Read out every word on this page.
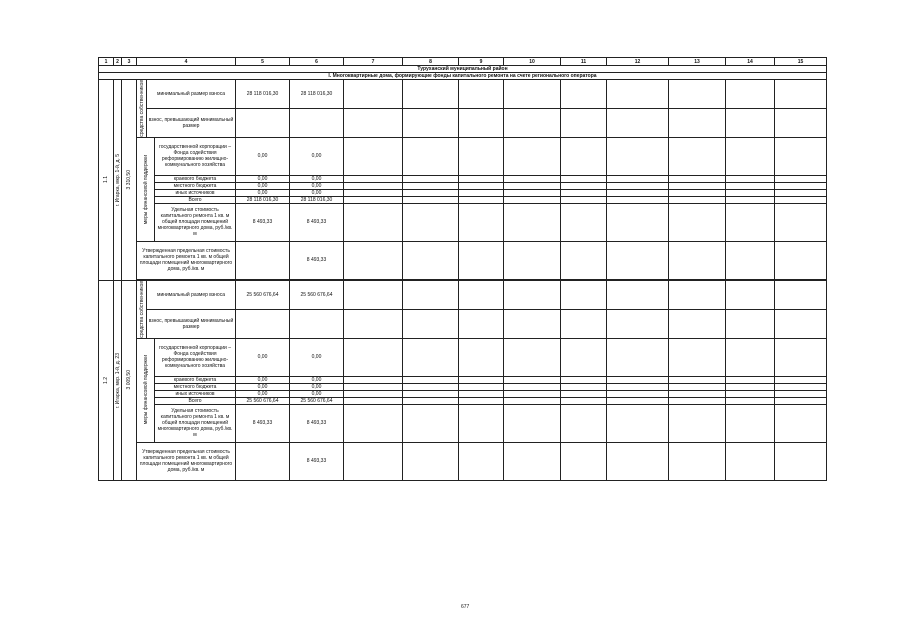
1	2	3	4			5	6	7	8	9	10	11	12	13	14	15
Туруханский муниципальный район																
I. Многоквартирные дома, формирующие фонды капитального ремонта на счете регионального оператора																

1.1	г. Игарка, мкр. 1-й, д. 5	3 310,50	средства собственников	минимальный размер взноса		28 118 016,30	28 118 016,30									
				взнос, превышающий минимальный размер												

			меры финансовой поддержки		государственной корпорации – Фонда содействия реформированию жилищно-коммунального хозяйства	0,00	0,00									
					краевого бюджета	0,00	0,00									
					местного бюджета	0,00	0,00									
					иных источников	0,00	0,00									
					Всего	28 118 016,30	28 118 016,30									
					Удельная стоимость капитального ремонта 1 кв. м общей площади помещений многоквартирного дома, руб./кв. м	8 493,33	8 493,33									
			Утвержденная предельная стоимость капитального ремонта 1 кв. м общей площади помещений многоквартирного дома, руб./кв. м				8 493,33									

1.2	г. Игарка, мкр. 1-й, д. 23	3 009,50	средства собственников	минимальный размер взноса		25 560 676,64	25 560 676,64									
				взнос, превышающий минимальный размер												

			меры финансовой поддержки		государственной корпорации – Фонда содействия реформированию жилищно-коммунального хозяйства	0,00	0,00									
					краевого бюджета	0,00	0,00									
					местного бюджета	0,00	0,00									
					иных источников	0,00	0,00									
					Всего	25 560 676,64	25 560 676,64									
					Удельная стоимость капитального ремонта 1 кв. м общей площади помещений многоквартирного дома, руб./кв. м	8 493,33	8 493,33									
			Утвержденная предельная стоимость капитального ремонта 1 кв. м общей площади помещений многоквартирного дома, руб./кв. м				8 493,33									
677
